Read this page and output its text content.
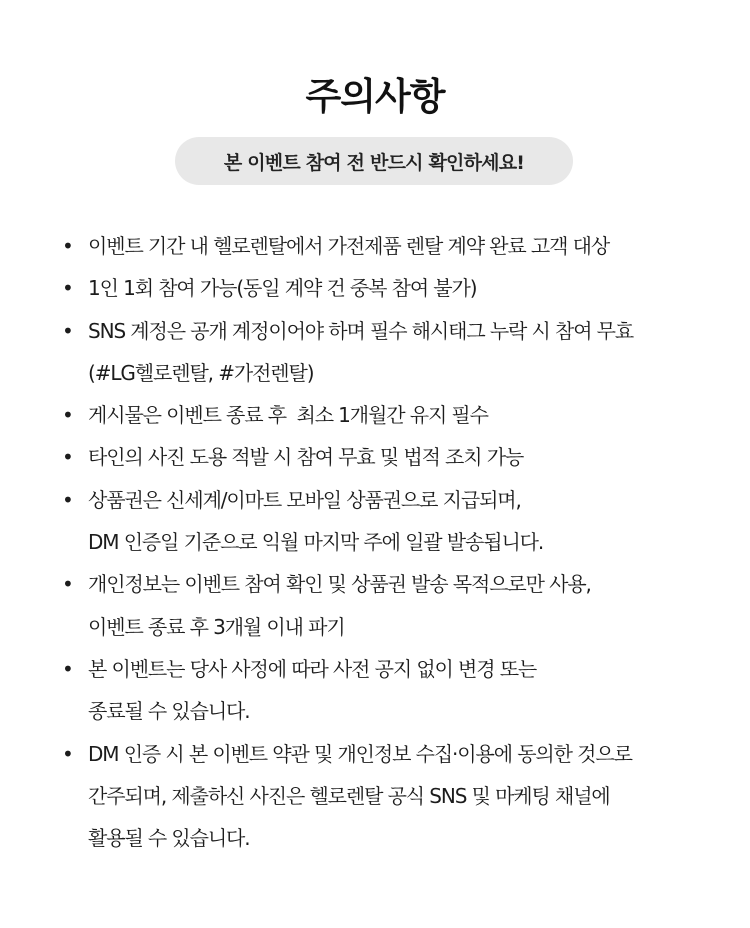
주의사항
본 이벤트 참여 전 반드시 확인하세요!
• 이벤트 기간 내 헬로렌탈에서 가전제품 렌탈 계약 완료 고객 대상
• 1인 1회 참여 가능(동일 계약 건 중복 참여 불가)
• SNS 계정은 공개 계정이어야 하며 필수 해시태그 누락 시 참여 무효
(#LG헬로렌탈, #가전렌탈)
• 게시물은 이벤트 종료 후  최소 1개월간 유지 필수
• 타인의 사진 도용 적발 시 참여 무효 및 법적 조치 가능
• 상품권은 신세계/이마트 모바일 상품권으로 지급되며,
DM 인증일 기준으로 익월 마지막 주에 일괄 발송됩니다.
• 개인정보는 이벤트 참여 확인 및 상품권 발송 목적으로만 사용,
이벤트 종료 후 3개월 이내 파기
• 본 이벤트는 당사 사정에 따라 사전 공지 없이 변경 또는
종료될 수 있습니다.
• DM 인증 시 본 이벤트 약관 및 개인정보 수집·이용에 동의한 것으로
간주되며, 제출하신 사진은 헬로렌탈 공식 SNS 및 마케팅 채널에
활용될 수 있습니다.
